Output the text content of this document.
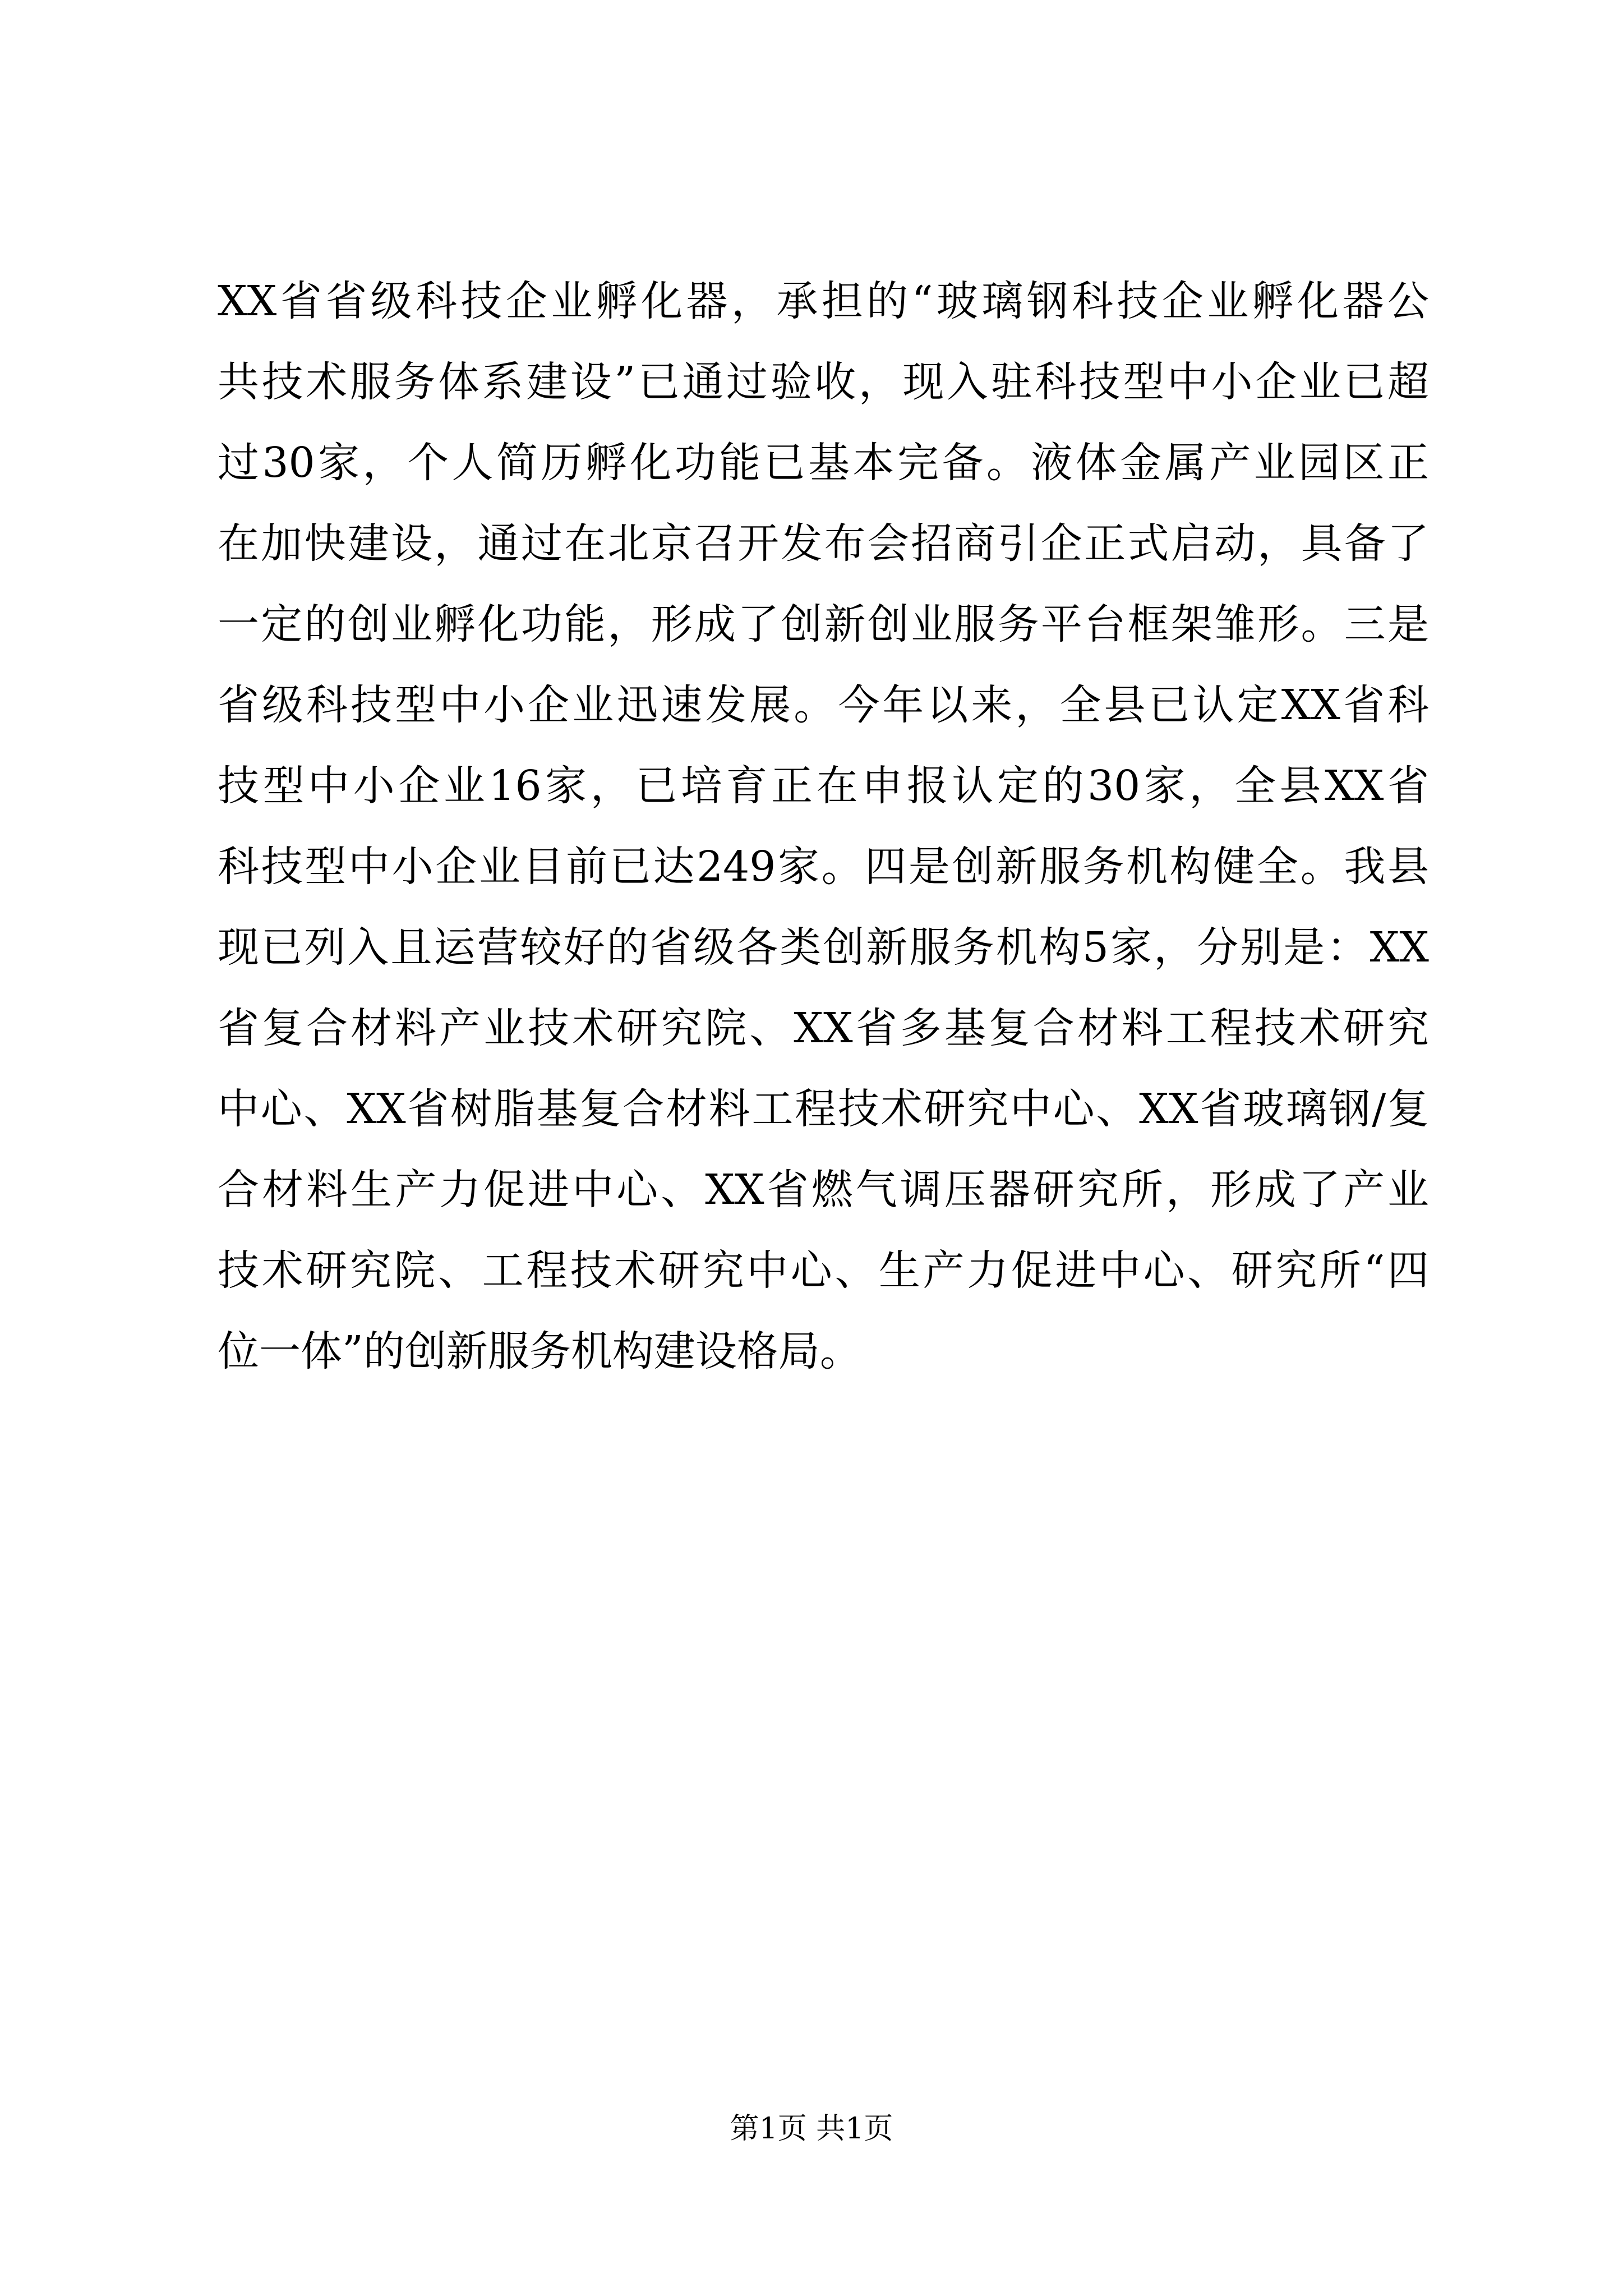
XX省省级科技企业孵化器，承担的“玻璃钢科技企业孵化器公
共技术服务体系建设”已通过验收，现入驻科技型中小企业已超
过30家，个人简历孵化功能已基本完备。液体金属产业园区正
在加快建设，通过在北京召开发布会招商引企正式启动，具备了
一定的创业孵化功能，形成了创新创业服务平台框架雏形。三是
省级科技型中小企业迅速发展。今年以来，全县已认定XX省科
技型中小企业16家，已培育正在申报认定的30家，全县XX省
科技型中小企业目前已达249家。四是创新服务机构健全。我县
现已列入且运营较好的省级各类创新服务机构5家，分别是：XX
省复合材料产业技术研究院、XX省多基复合材料工程技术研究
中心、XX省树脂基复合材料工程技术研究中心、XX省玻璃钢/复
合材料生产力促进中心、XX省燃气调压器研究所，形成了产业
技术研究院、工程技术研究中心、生产力促进中心、研究所“四
位一体”的创新服务机构建设格局。
第1页 共1页
